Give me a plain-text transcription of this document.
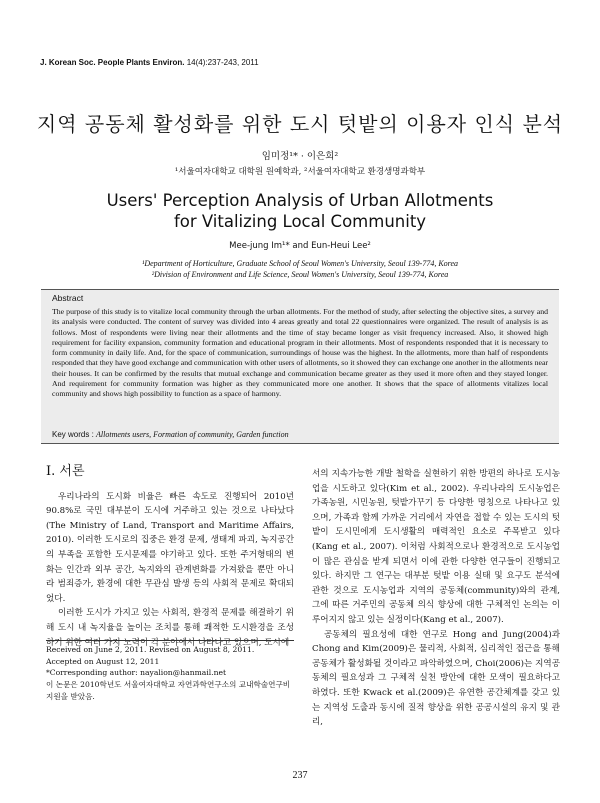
J. Korean Soc. People Plants Environ. 14(4):237-243, 2011
지역 공동체 활성화를 위한 도시 텃밭의 이용자 인식 분석
임미정¹* · 이은희²
¹서울여자대학교 대학원 원예학과, ²서울여자대학교 환경생명과학부
Users' Perception Analysis of Urban Allotments
for Vitalizing Local Community
Mee-jung Im¹* and Eun-Heui Lee²
¹Department of Horticulture, Graduate School of Seoul Women's University, Seoul 139-774, Korea
²Division of Environment and Life Science, Seoul Women's University, Seoul 139-774, Korea
Abstract
The purpose of this study is to vitalize local community through the urban allotments. For the method of study, after selecting the objective sites, a survey and its analysis were conducted. The content of survey was divided into 4 areas greatly and total 22 questionnaires were organized. The result of analysis is as follows. Most of respondents were living near their allotments and the time of stay became longer as visit frequency increased. Also, it showed high requirement for facility expansion, community formation and educational program in their allotments. Most of respondents responded that it is necessary to form community in daily life. And, for the space of communication, surroundings of house was the highest. In the allotments, more than half of respondents responded that they have good exchange and communication with other users of allotments, so it showed they can exchange one another in the allotments near their houses. It can be confirmed by the results that mutual exchange and communication became greater as they used it more often and they stayed longer. And requirement for community formation was higher as they communicated more one another. It shows that the space of allotments vitalizes local community and shows high possibility to function as a space of harmony.
Key words : Allotments users, Formation of community, Garden function
I. 서론

우리나라의 도시화 비율은 빠른 속도로 진행되어 2010년 90.8%로 국민 대부분이 도시에 거주하고 있는 것으로 나타났다(The Ministry of Land, Transport and Maritime Affairs, 2010). 이러한 도시로의 집중은 환경 문제, 생태계 파괴, 녹지공간의 부족을 포함한 도시문제를 야기하고 있다. 또한 주거형태의 변화는 인간과 외부 공간, 녹지와의 관계변화를 가져왔을 뿐만 아니라 범죄증가, 환경에 대한 무관심 발생 등의 사회적 문제로 확대되었다.

이러한 도시가 가지고 있는 사회적, 환경적 문제를 해결하기 위해 도시 내 녹지율을 높이는 조치를 통해 쾌적한 도시환경을 조성하기 위한 여러 가지 노력이 각 분야에서 나타나고 있으며, 도시에

Received on June 2, 2011. Revised on August 8, 2011.
Accepted on August 12, 2011
*Corresponding author: nayalion@hanmail.net
이 논문은 2010학년도 서울여자대학교 자연과학연구소의 교내학술연구비 지원을 받았음.

서의 지속가능한 개발 철학을 실현하기 위한 방편의 하나로 도시농업을 시도하고 있다(Kim et al., 2002). 우리나라의 도시농업은 가족농원, 시민농원, 텃밭가꾸기 등 다양한 명칭으로 나타나고 있으며, 가족과 함께 가까운 거리에서 자연을 접할 수 있는 도시의 텃밭이 도시민에게 도시생활의 매력적인 요소로 주목받고 있다(Kang et al., 2007). 이처럼 사회적으로나 환경적으로 도시농업이 많은 관심을 받게 되면서 이에 관한 다양한 연구들이 진행되고 있다. 하지만 그 연구는 대부분 텃밭 이용 실태 및 요구도 분석에 관한 것으로 도시농업과 지역의 공동체(community)와의 관계, 그에 따른 거주민의 공동체 의식 향상에 대한 구체적인 논의는 이루어지지 않고 있는 실정이다(Kang et al., 2007).

공동체의 필요성에 대한 연구로 Hong and Jung(2004)과 Chong and Kim(2009)은 물리적, 사회적, 심리적인 접근을 통해 공동체가 활성화될 것이라고 파악하였으며, Choi(2006)는 지역공동체의 필요성과 그 구체적 실천 방안에 대한 모색이 필요하다고 하였다. 또한 Kwack et al.(2009)은 유연한 공간체계를 갖고 있는 지역성 도출과 동시에 질적 향상을 위한 공공시설의 유지 및 관리,

237
